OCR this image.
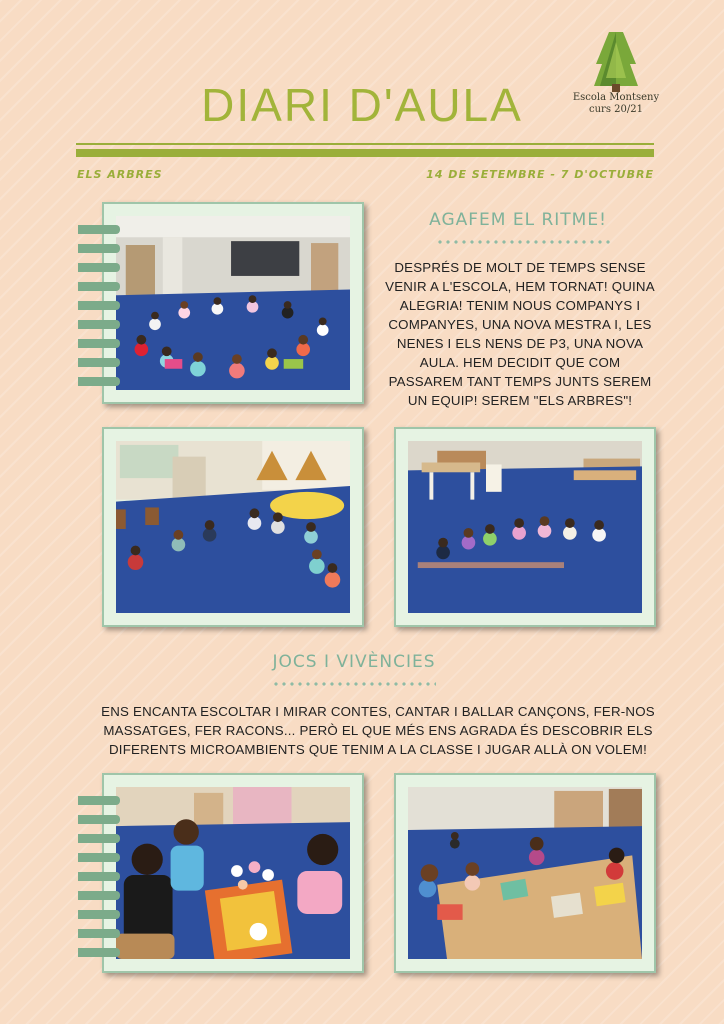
DIARI D'AULA	Escola Montseny
curs 20/21
ELS ARBRES	14 DE SETEMBRE - 7 D'OCTUBRE
AGAFEM EL RITME!
DESPRÉS DE MOLT DE TEMPS SENSE VENIR A L'ESCOLA, HEM TORNAT! QUINA ALEGRIA! TENIM NOUS COMPANYS I COMPANYES, UNA NOVA MESTRA I, LES NENES I ELS NENS DE P3, UNA NOVA AULA. HEM DECIDIT QUE COM PASSAREM TANT TEMPS JUNTS SEREM UN EQUIP! SEREM "ELS ARBRES"!
JOCS I VIVÈNCIES
ENS ENCANTA ESCOLTAR I MIRAR CONTES, CANTAR I BALLAR CANÇONS, FER-NOS MASSATGES, FER RACONS... PERÒ EL QUE MÉS ENS AGRADA ÉS DESCOBRIR ELS DIFERENTS MICROAMBIENTS QUE TENIM A LA CLASSE I JUGAR ALLÀ ON VOLEM!
